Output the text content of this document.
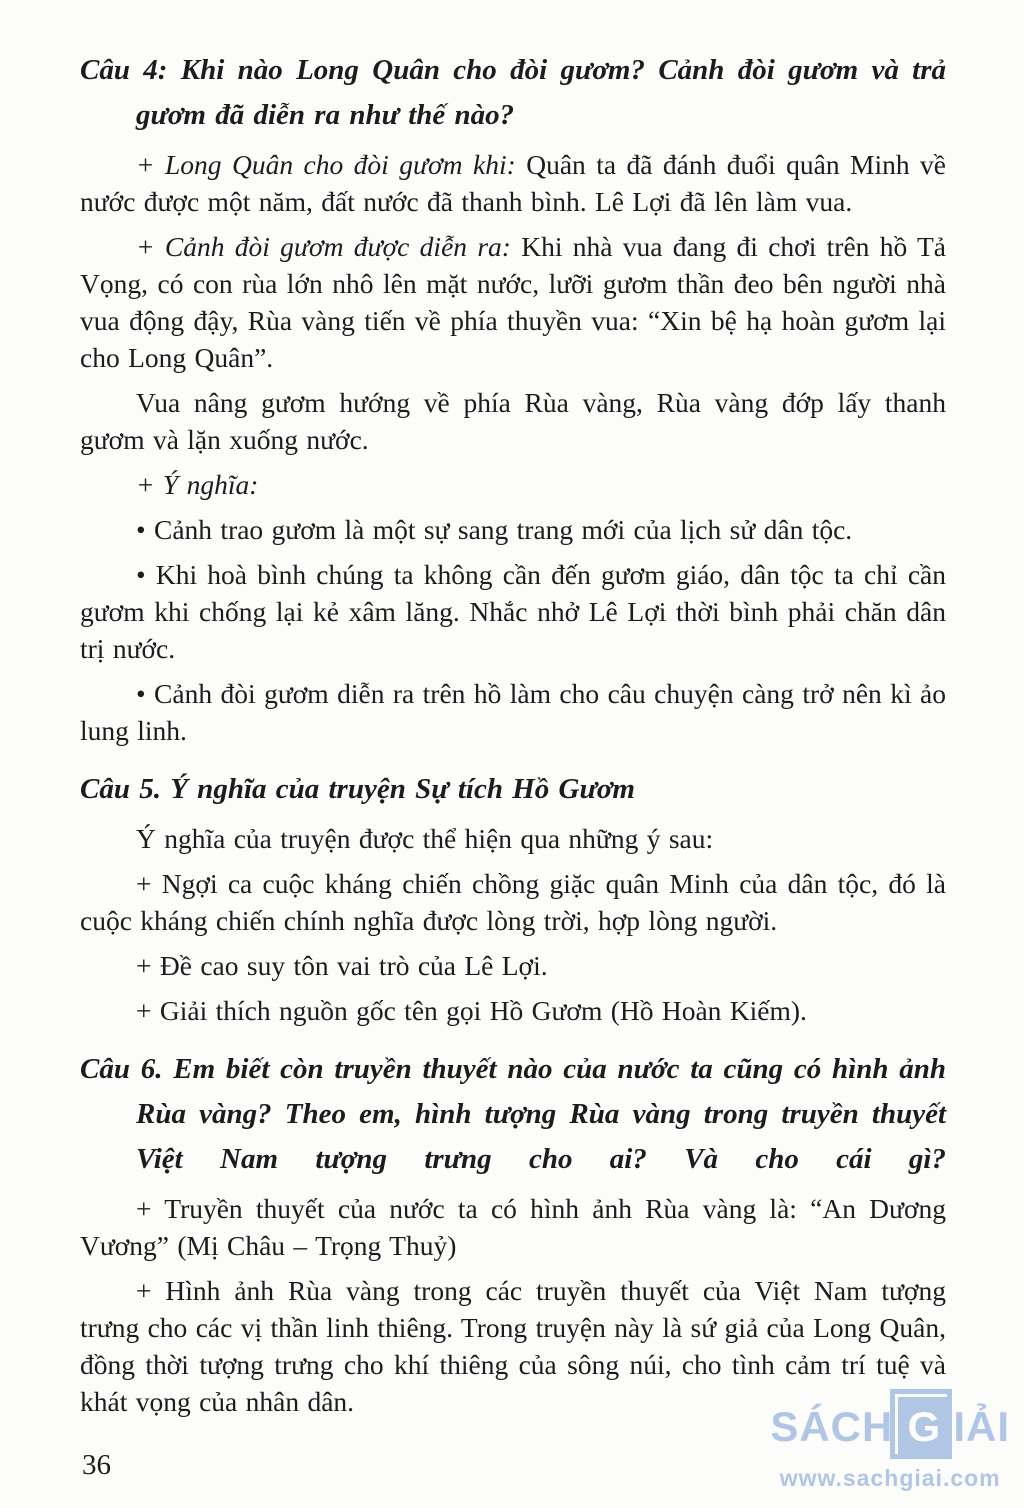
Câu 4: Khi nào Long Quân cho đòi gươm? Cảnh đòi gươm và trả gươm đã diễn ra như thế nào?

+ Long Quân cho đòi gươm khi: Quân ta đã đánh đuổi quân Minh về nước được một năm, đất nước đã thanh bình. Lê Lợi đã lên làm vua.

+ Cảnh đòi gươm được diễn ra: Khi nhà vua đang đi chơi trên hồ Tả Vọng, có con rùa lớn nhô lên mặt nước, lưỡi gươm thần đeo bên người nhà vua động đậy, Rùa vàng tiến về phía thuyền vua: “Xin bệ hạ hoàn gươm lại cho Long Quân”.

Vua nâng gươm hướng về phía Rùa vàng, Rùa vàng đớp lấy thanh gươm và lặn xuống nước.

+ Ý nghĩa:

• Cảnh trao gươm là một sự sang trang mới của lịch sử dân tộc.

• Khi hoà bình chúng ta không cần đến gươm giáo, dân tộc ta chỉ cần gươm khi chống lại kẻ xâm lăng. Nhắc nhở Lê Lợi thời bình phải chăn dân trị nước.

• Cảnh đòi gươm diễn ra trên hồ làm cho câu chuyện càng trở nên kì ảo lung linh.

Câu 5. Ý nghĩa của truyện Sự tích Hồ Gươm

Ý nghĩa của truyện được thể hiện qua những ý sau:

+ Ngợi ca cuộc kháng chiến chồng giặc quân Minh của dân tộc, đó là cuộc kháng chiến chính nghĩa được lòng trời, hợp lòng người.

+ Đề cao suy tôn vai trò của Lê Lợi.

+ Giải thích nguồn gốc tên gọi Hồ Gươm (Hồ Hoàn Kiếm).

Câu 6. Em biết còn truyền thuyết nào của nước ta cũng có hình ảnh Rùa vàng? Theo em, hình tượng Rùa vàng trong truyền thuyết Việt Nam tượng trưng cho ai? Và cho cái gì?

+ Truyền thuyết của nước ta có hình ảnh Rùa vàng là: “An Dương Vương” (Mị Châu – Trọng Thuỷ)

+ Hình ảnh Rùa vàng trong các truyền thuyết của Việt Nam tượng trưng cho các vị thần linh thiêng. Trong truyện này là sứ giả của Long Quân, đồng thời tượng trưng cho khí thiêng của sông núi, cho tình cảm trí tuệ và khát vọng của nhân dân.

36
SÁCH G IẢI
www.sachgiai.com
